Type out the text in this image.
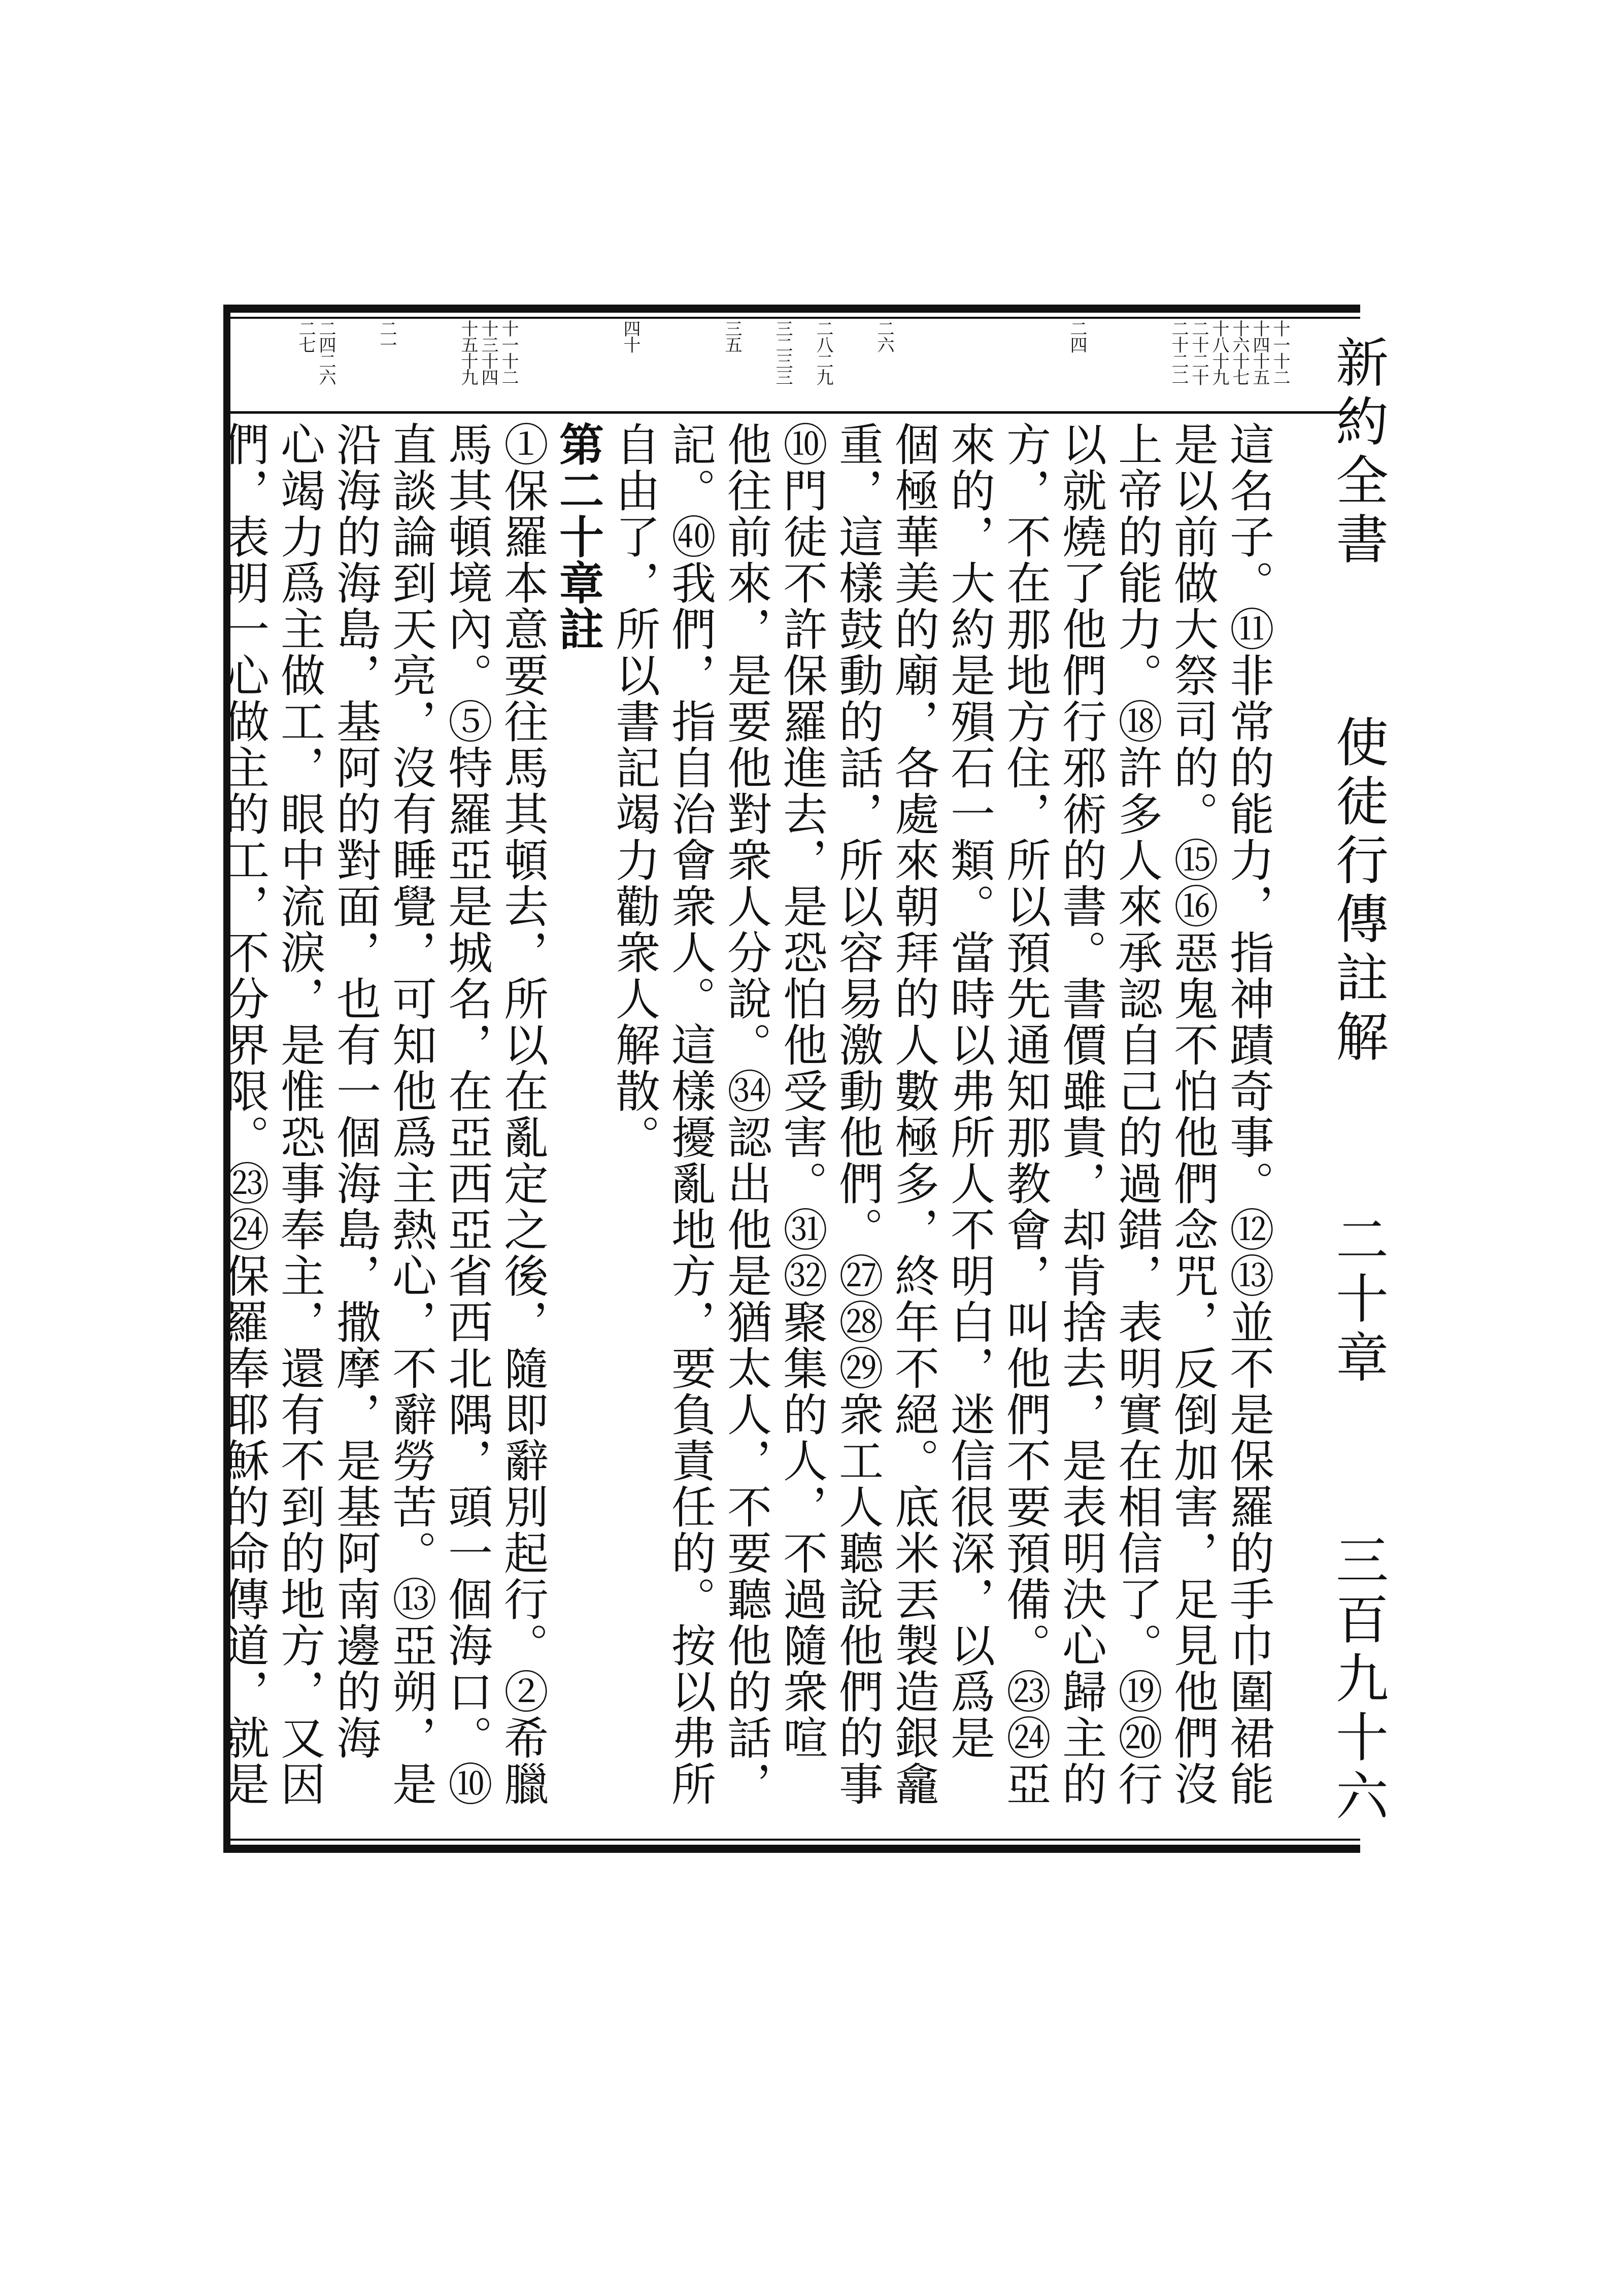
新約全書
使徒行傳註解
二十章
三百九十六
十一十二
十四十五
十六十七
十八十九
二十二十
二十二二
二四
二六
二八二九
三二三三
三五
四十
十一十二
十三十四
十五十九
二一
二四二六
二七
這名子。⑪非常的能力，指神蹟奇事。⑫⑬並不是保羅的手巾圍裙能
是以前做大祭司的。⑮⑯惡鬼不怕他們念咒，反倒加害，足見他們沒
上帝的能力。⑱許多人來承認自己的過錯，表明實在相信了。⑲⑳行
以就燒了他們行邪術的書。書價雖貴，却肯捨去，是表明決心歸主的
方，不在那地方住，所以預先通知那教會，叫他們不要預備。㉓㉔亞
來的，大約是殞石一類。當時以弗所人不明白，迷信很深，以爲是
個極華美的廟，各處來朝拜的人數極多，終年不絕。底米丟製造銀龕
重，這樣鼓動的話，所以容易激動他們。㉗㉘㉙衆工人聽說他們的事
⑩門徒不許保羅進去，是恐怕他受害。㉛㉜聚集的人，不過隨衆喧
他往前來，是要他對衆人分說。㉞認出他是猶太人，不要聽他的話，
記。㊵我們，指自治會衆人。這樣擾亂地方，要負責任的。按以弗所
自由了，所以書記竭力勸衆人解散。
第二十章註
①保羅本意要往馬其頓去，所以在亂定之後，隨即辭別起行。②希臘
馬其頓境內。⑤特羅亞是城名，在亞西亞省西北隅，頭一個海口。⑩
直談論到天亮，沒有睡覺，可知他爲主熱心，不辭勞苦。⑬亞朔，是
沿海的海島，基阿的對面，也有一個海島，撒摩，是基阿南邊的海
心竭力爲主做工，眼中流淚，是惟恐事奉主，還有不到的地方，又因
們，表明一心做主的工，不分界限。㉓㉔保羅奉耶穌的命傳道，就是
